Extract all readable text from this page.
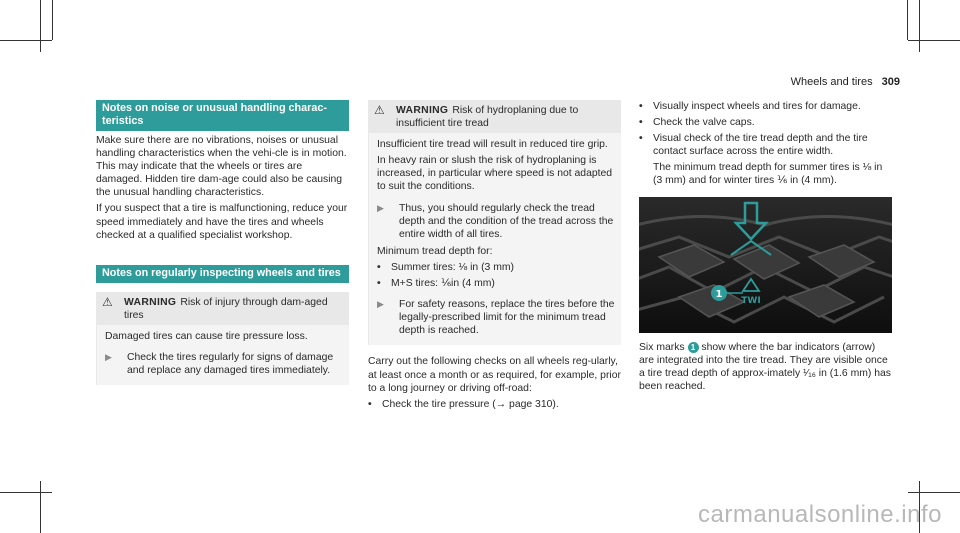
Wheels and tires 309
Notes on noise or unusual handling charac-
teristics

Make sure there are no vibrations, noises or unusual handling characteristics when the vehi-cle is in motion. This may indicate that the wheels or tires are damaged. Hidden tire dam-age could also be causing the unusual handling characteristics.

If you suspect that a tire is malfunctioning, reduce your speed immediately and have the tires and wheels checked at a qualified specialist workshop.

Notes on regularly inspecting wheels and tires
⚠	WARNING Risk of injury through dam-aged tires

Damaged tires can cause tire pressure loss.

▶	Check the tires regularly for signs of damage and replace any damaged tires immediately.
⚠	WARNING Risk of hydroplaning due to insufficient tire tread

Insufficient tire tread will result in reduced tire grip.

In heavy rain or slush the risk of hydroplaning is increased, in particular where speed is not adapted to suit the conditions.

▶	Thus, you should regularly check the tread depth and the condition of the tread across the entire width of all tires.

Minimum tread depth for:

• Summer tires: ⅛ in (3 mm)
• M+S tires: ⅙in (4 mm)
▶	For safety reasons, replace the tires before the legally-prescribed limit for the minimum tread depth is reached.

Carry out the following checks on all wheels reg-ularly, at least once a month or as required, for example, prior to a long journey or driving off-road:

• Check the tire pressure (→ page 310).
• Visually inspect wheels and tires for damage.
• Check the valve caps.
• Visual check of the tire tread depth and the tire contact surface across the entire width.

The minimum tread depth for summer tires is ⅛ in (3 mm) and for winter tires ⅙ in (4 mm).

1
TWI

Six marks 1 show where the bar indicators (arrow) are integrated into the tire tread. They are visible once a tire tread depth of approx-imately ¹⁄₁₆ in (1.6 mm) has been reached.

carmanualsonline.info
